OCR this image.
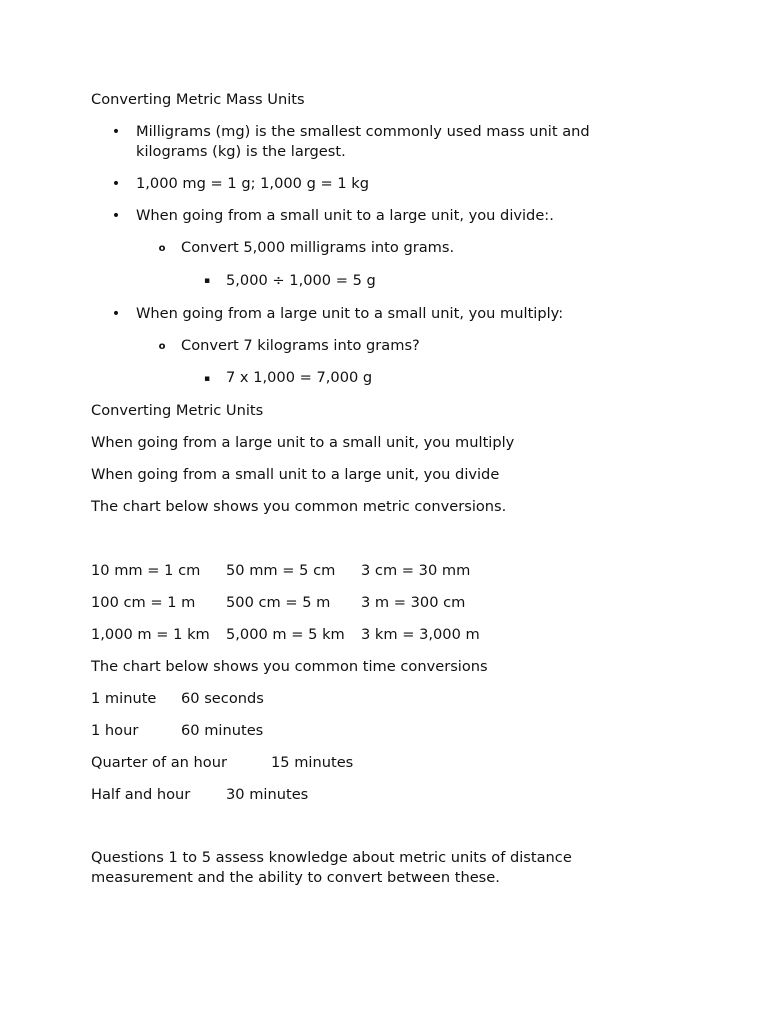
Converting Metric Mass Units
• Milligrams (mg) is the smallest commonly used mass unit and kilograms (kg) is the largest.
• 1,000 mg = 1 g; 1,000 g = 1 kg
• When going from a small unit to a large unit, you divide:.
o Convert 5,000 milligrams into grams.
▪ 5,000 ÷ 1,000 = 5 g
• When going from a large unit to a small unit, you multiply:
o Convert 7 kilograms into grams?
▪ 7 x 1,000 = 7,000 g
Converting Metric Units
When going from a large unit to a small unit, you multiply
When going from a small unit to a large unit, you divide
The chart below shows you common metric conversions.
10 mm = 1 cm 50 mm = 5 cm 3 cm = 30 mm
100 cm = 1 m 500 cm = 5 m 3 m = 300 cm
1,000 m = 1 km 5,000 m = 5 km 3 km = 3,000 m
The chart below shows you common time conversions
1 minute 60 seconds
1 hour	60 minutes
Quarter of an hour	15 minutes
Half and hour 30 minutes
Questions 1 to 5 assess knowledge about metric units of distance measurement and the ability to convert between these.
